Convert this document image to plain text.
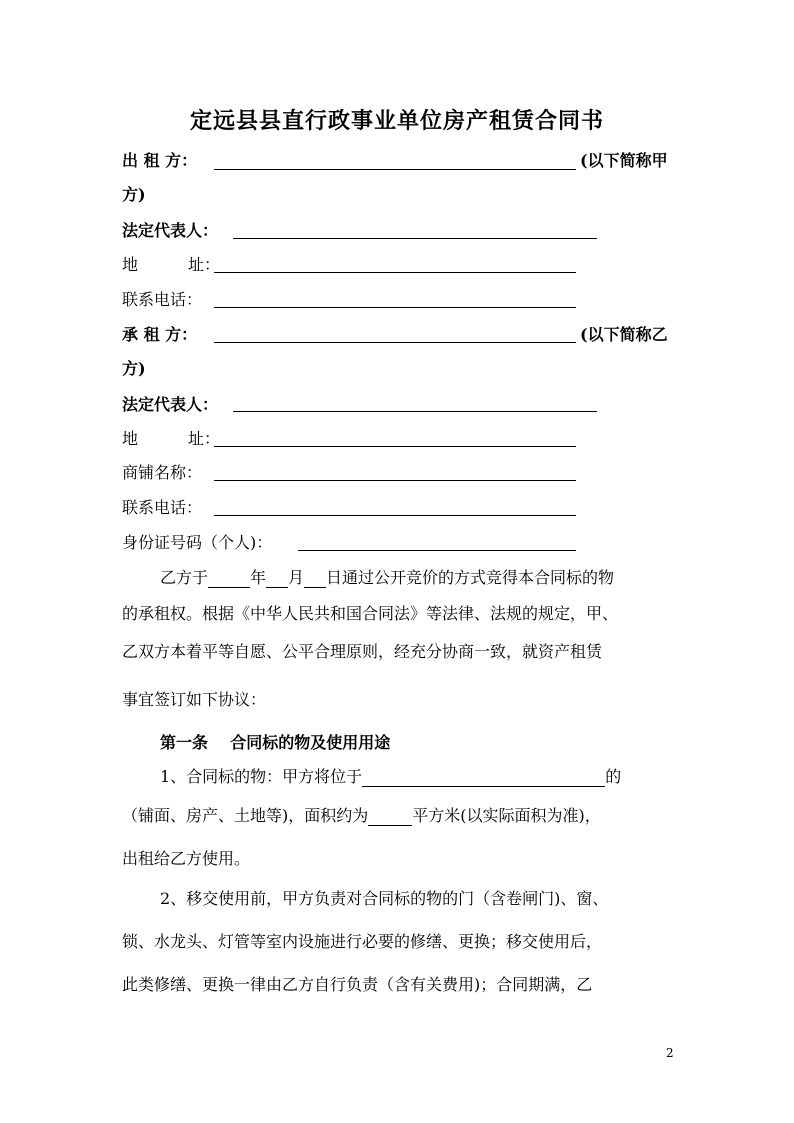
定远县县直行政事业单位房产租赁合同书
出 租 方：	(以下简称甲
方)
法定代表人：
地	址：
联系电话：
承 租 方：	(以下简称乙
方)
法定代表人：
地	址：
商铺名称：
联系电话：
身份证号码（个人)：
乙方于	年 月 日通过公开竞价的方式竞得本合同标的物
的承租权。根据《中华人民共和国合同法》等法律、法规的规定，甲、
乙双方本着平等自愿、公平合理原则，经充分协商一致，就资产租赁
事宜签订如下协议：
第一条    合同标的物及使用用途
1、合同标的物：甲方将位于	的
（铺面、房产、土地等)，面积约为	平方米(以实际面积为准)，
出租给乙方使用。
2、移交使用前，甲方负责对合同标的物的门（含卷闸门)、窗、
锁、水龙头、灯管等室内设施进行必要的修缮、更换；移交使用后，
此类修缮、更换一律由乙方自行负责（含有关费用)；合同期满，乙
2
